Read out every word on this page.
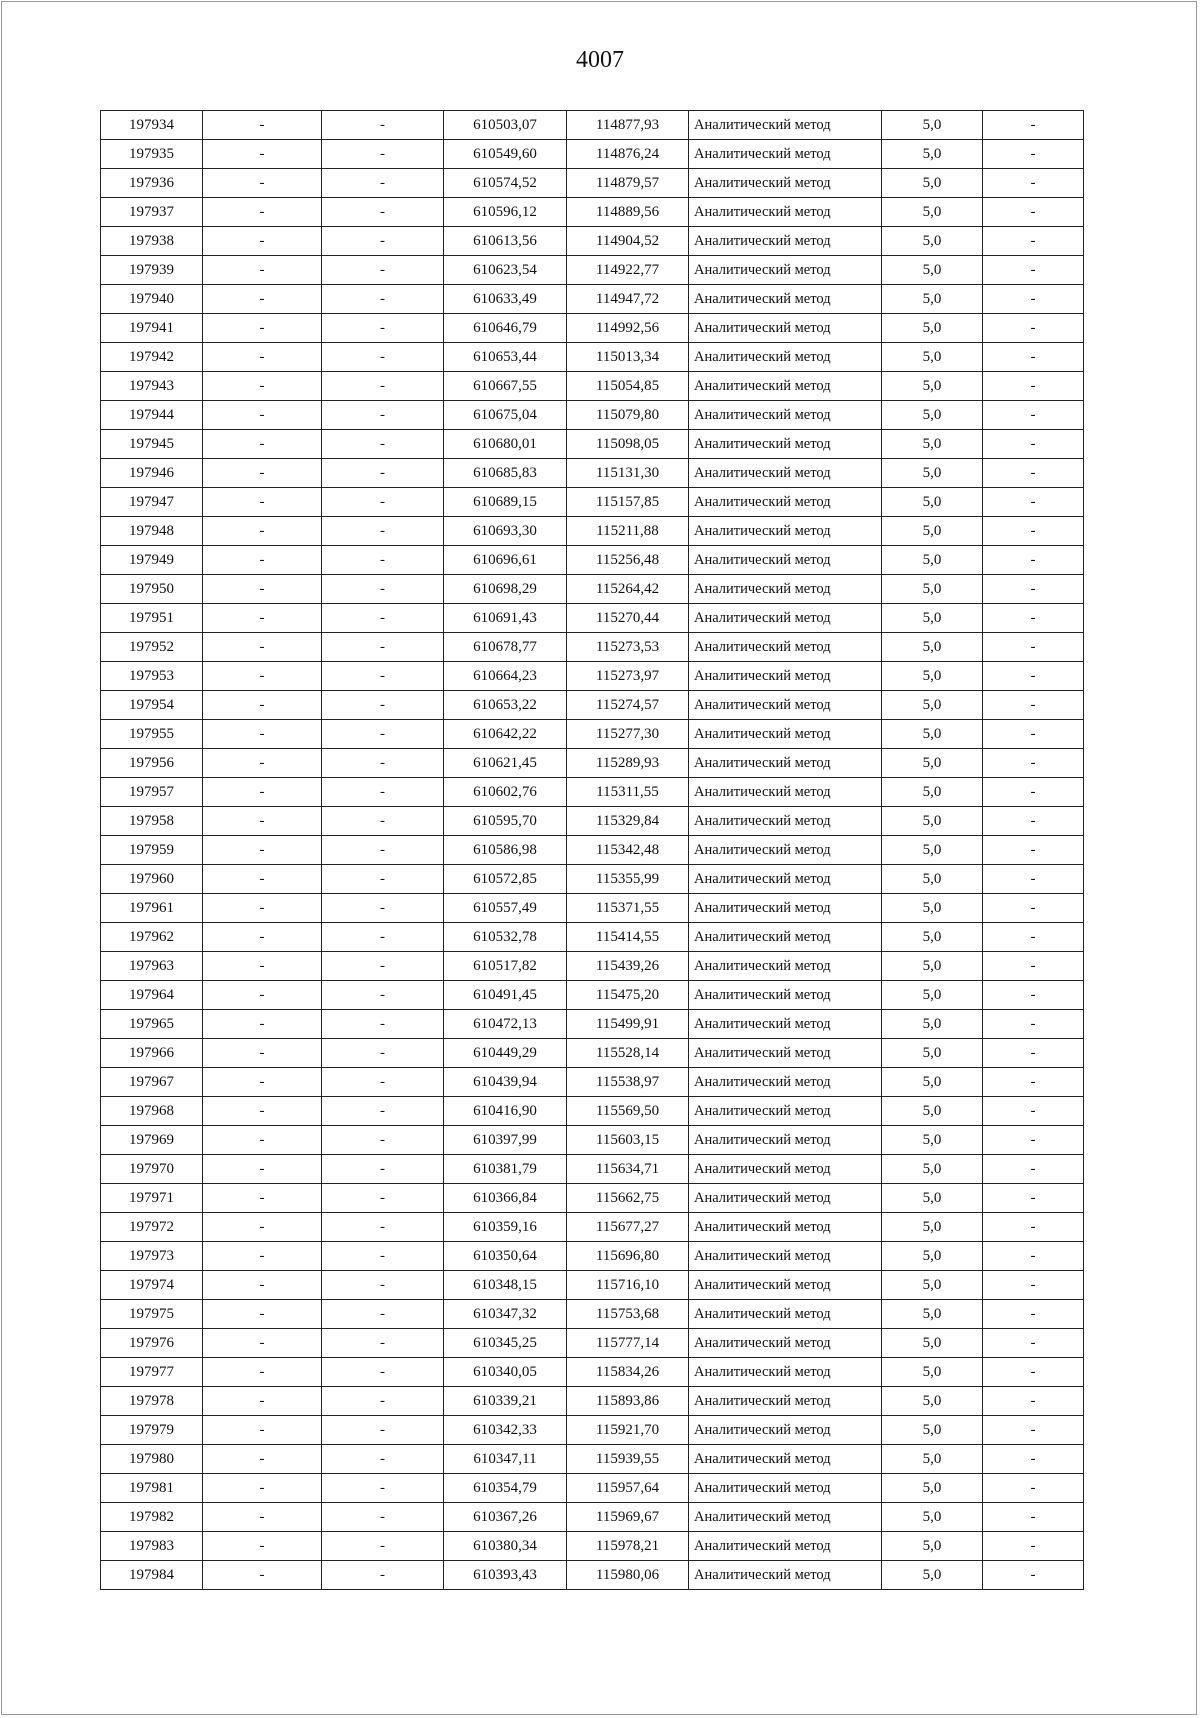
4007
197934	-	-	610503,07	114877,93	Аналитический метод	5,0	-
197935	-	-	610549,60	114876,24	Аналитический метод	5,0	-
197936	-	-	610574,52	114879,57	Аналитический метод	5,0	-
197937	-	-	610596,12	114889,56	Аналитический метод	5,0	-
197938	-	-	610613,56	114904,52	Аналитический метод	5,0	-
197939	-	-	610623,54	114922,77	Аналитический метод	5,0	-
197940	-	-	610633,49	114947,72	Аналитический метод	5,0	-
197941	-	-	610646,79	114992,56	Аналитический метод	5,0	-
197942	-	-	610653,44	115013,34	Аналитический метод	5,0	-
197943	-	-	610667,55	115054,85	Аналитический метод	5,0	-
197944	-	-	610675,04	115079,80	Аналитический метод	5,0	-
197945	-	-	610680,01	115098,05	Аналитический метод	5,0	-
197946	-	-	610685,83	115131,30	Аналитический метод	5,0	-
197947	-	-	610689,15	115157,85	Аналитический метод	5,0	-
197948	-	-	610693,30	115211,88	Аналитический метод	5,0	-
197949	-	-	610696,61	115256,48	Аналитический метод	5,0	-
197950	-	-	610698,29	115264,42	Аналитический метод	5,0	-
197951	-	-	610691,43	115270,44	Аналитический метод	5,0	-
197952	-	-	610678,77	115273,53	Аналитический метод	5,0	-
197953	-	-	610664,23	115273,97	Аналитический метод	5,0	-
197954	-	-	610653,22	115274,57	Аналитический метод	5,0	-
197955	-	-	610642,22	115277,30	Аналитический метод	5,0	-
197956	-	-	610621,45	115289,93	Аналитический метод	5,0	-
197957	-	-	610602,76	115311,55	Аналитический метод	5,0	-
197958	-	-	610595,70	115329,84	Аналитический метод	5,0	-
197959	-	-	610586,98	115342,48	Аналитический метод	5,0	-
197960	-	-	610572,85	115355,99	Аналитический метод	5,0	-
197961	-	-	610557,49	115371,55	Аналитический метод	5,0	-
197962	-	-	610532,78	115414,55	Аналитический метод	5,0	-
197963	-	-	610517,82	115439,26	Аналитический метод	5,0	-
197964	-	-	610491,45	115475,20	Аналитический метод	5,0	-
197965	-	-	610472,13	115499,91	Аналитический метод	5,0	-
197966	-	-	610449,29	115528,14	Аналитический метод	5,0	-
197967	-	-	610439,94	115538,97	Аналитический метод	5,0	-
197968	-	-	610416,90	115569,50	Аналитический метод	5,0	-
197969	-	-	610397,99	115603,15	Аналитический метод	5,0	-
197970	-	-	610381,79	115634,71	Аналитический метод	5,0	-
197971	-	-	610366,84	115662,75	Аналитический метод	5,0	-
197972	-	-	610359,16	115677,27	Аналитический метод	5,0	-
197973	-	-	610350,64	115696,80	Аналитический метод	5,0	-
197974	-	-	610348,15	115716,10	Аналитический метод	5,0	-
197975	-	-	610347,32	115753,68	Аналитический метод	5,0	-
197976	-	-	610345,25	115777,14	Аналитический метод	5,0	-
197977	-	-	610340,05	115834,26	Аналитический метод	5,0	-
197978	-	-	610339,21	115893,86	Аналитический метод	5,0	-
197979	-	-	610342,33	115921,70	Аналитический метод	5,0	-
197980	-	-	610347,11	115939,55	Аналитический метод	5,0	-
197981	-	-	610354,79	115957,64	Аналитический метод	5,0	-
197982	-	-	610367,26	115969,67	Аналитический метод	5,0	-
197983	-	-	610380,34	115978,21	Аналитический метод	5,0	-
197984	-	-	610393,43	115980,06	Аналитический метод	5,0	-
